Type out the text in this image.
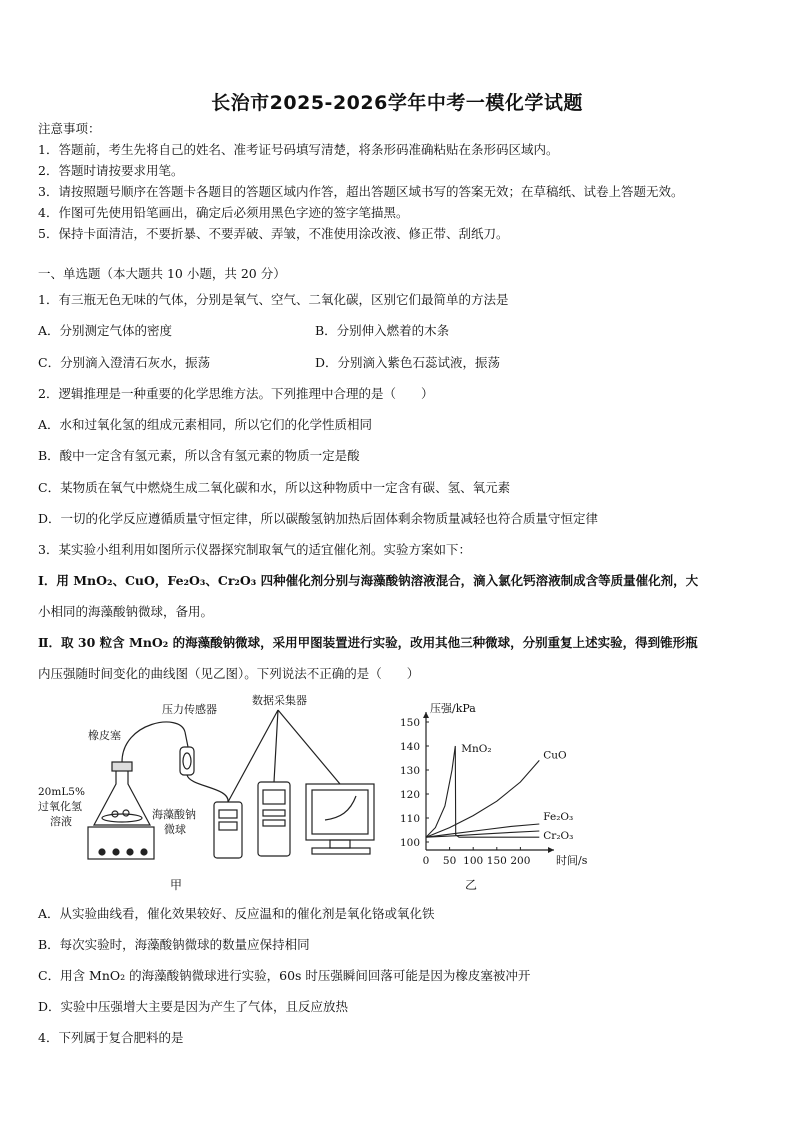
长治市2025-2026学年中考一模化学试题
注意事项：
1．答题前，考生先将自己的姓名、准考证号码填写清楚，将条形码准确粘贴在条形码区域内。
2．答题时请按要求用笔。
3．请按照题号顺序在答题卡各题目的答题区域内作答，超出答题区域书写的答案无效；在草稿纸、试卷上答题无效。
4．作图可先使用铅笔画出，确定后必须用黑色字迹的签字笔描黑。
5．保持卡面清洁，不要折暴、不要弄破、弄皱，不准使用涂改液、修正带、刮纸刀。
一、单选题（本大题共 10 小题，共 20 分）
1．有三瓶无色无味的气体，分别是氧气、空气、二氧化碳，区别它们最简单的方法是
A．分别测定气体的密度	B．分别伸入燃着的木条
C．分别滴入澄清石灰水，振荡	D．分别滴入紫色石蕊试液，振荡
2．逻辑推理是一种重要的化学思维方法。下列推理中合理的是（　　）
A．水和过氧化氢的组成元素相同，所以它们的化学性质相同
B．酸中一定含有氢元素，所以含有氢元素的物质一定是酸
C．某物质在氧气中燃烧生成二氧化碳和水，所以这种物质中一定含有碳、氢、氧元素
D．一切的化学反应遵循质量守恒定律，所以碳酸氢钠加热后固体剩余物质量减轻也符合质量守恒定律
3．某实验小组利用如图所示仪器探究制取氧气的适宜催化剂。实验方案如下：
Ⅰ．用 MnO₂、CuO，Fe₂O₃、Cr₂O₃ 四种催化剂分别与海藻酸钠溶液混合，滴入氯化钙溶液制成含等质量催化剂，大
小相同的海藻酸钠微球，备用。
Ⅱ．取 30 粒含 MnO₂ 的海藻酸钠微球，采用甲图装置进行实验，改用其他三种微球，分别重复上述实验，得到锥形瓶
内压强随时间变化的曲线图（见乙图）。下列说法不正确的是（　　）
压力传感器
数据采集器
橡皮塞
20mL5%
过氧化氢
溶液
海藻酸钠
微球
甲
压强/kPa
时间/s
100
110
120
130
140
150
0 50 100 150 200
MnO₂
CuO
Fe₂O₃
Cr₂O₃
乙
A．从实验曲线看，催化效果较好、反应温和的催化剂是氧化铬或氧化铁
B．每次实验时，海藻酸钠微球的数量应保持相同
C．用含 MnO₂ 的海藻酸钠微球进行实验，60s 时压强瞬间回落可能是因为橡皮塞被冲开
D．实验中压强增大主要是因为产生了气体，且反应放热
4．下列属于复合肥料的是
